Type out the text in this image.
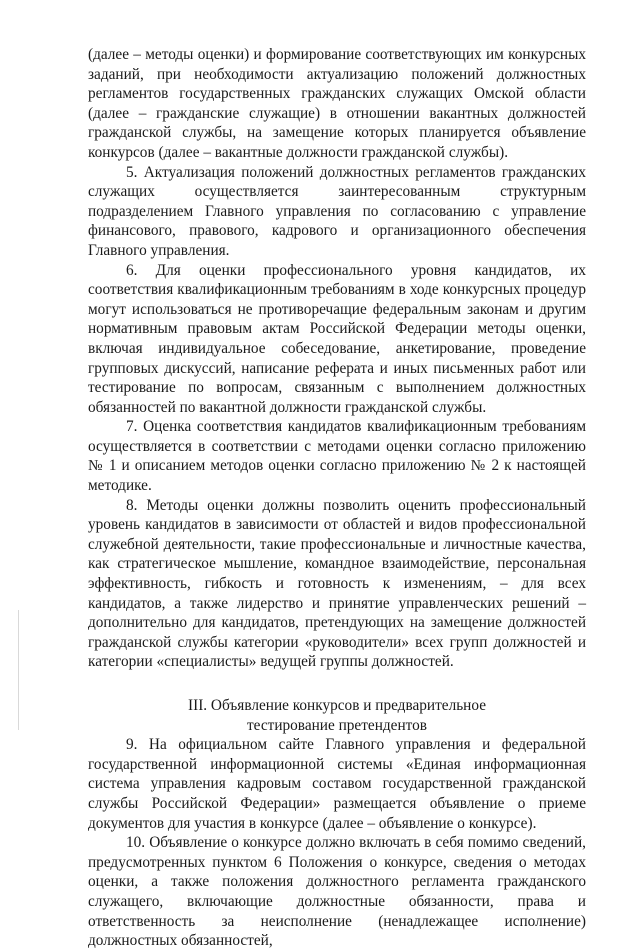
(далее – методы оценки) и формирование соответствующих им конкурсных заданий, при необходимости актуализацию положений должностных регламентов государственных гражданских служащих Омской области (далее – гражданские служащие) в отношении вакантных должностей гражданской службы, на замещение которых планируется объявление конкурсов (далее – вакантные должности гражданской службы).

5. Актуализация положений должностных регламентов гражданских служащих осуществляется заинтересованным структурным подразделением Главного управления по согласованию с управление финансового, правового, кадрового и организационного обеспечения Главного управления.

6. Для оценки профессионального уровня кандидатов, их соответствия квалификационным требованиям в ходе конкурсных процедур могут использоваться не противоречащие федеральным законам и другим нормативным правовым актам Российской Федерации методы оценки, включая индивидуальное собеседование, анкетирование, проведение групповых дискуссий, написание реферата и иных письменных работ или тестирование по вопросам, связанным с выполнением должностных обязанностей по вакантной должности гражданской службы.

7. Оценка соответствия кандидатов квалификационным требованиям осуществляется в соответствии с методами оценки согласно приложению № 1 и описанием методов оценки согласно приложению № 2 к настоящей методике.

8. Методы оценки должны позволить оценить профессиональный уровень кандидатов в зависимости от областей и видов профессиональной служебной деятельности, такие профессиональные и личностные качества, как стратегическое мышление, командное взаимодействие, персональная эффективность, гибкость и готовность к изменениям, – для всех кандидатов, а также лидерство и принятие управленческих решений – дополнительно для кандидатов, претендующих на замещение должностей гражданской службы категории «руководители» всех групп должностей и категории «специалисты» ведущей группы должностей.

III. Объявление конкурсов и предварительное
тестирование претендентов

9. На официальном сайте Главного управления и федеральной государственной информационной системы «Единая информационная система управления кадровым составом государственной гражданской службы Российской Федерации» размещается объявление о приеме документов для участия в конкурсе (далее – объявление о конкурсе).

10. Объявление о конкурсе должно включать в себя помимо сведений, предусмотренных пунктом 6 Положения о конкурсе, сведения о методах оценки, а также положения должностного регламента гражданского служащего, включающие должностные обязанности, права и ответственность за неисполнение (ненадлежащее исполнение) должностных обязанностей,
